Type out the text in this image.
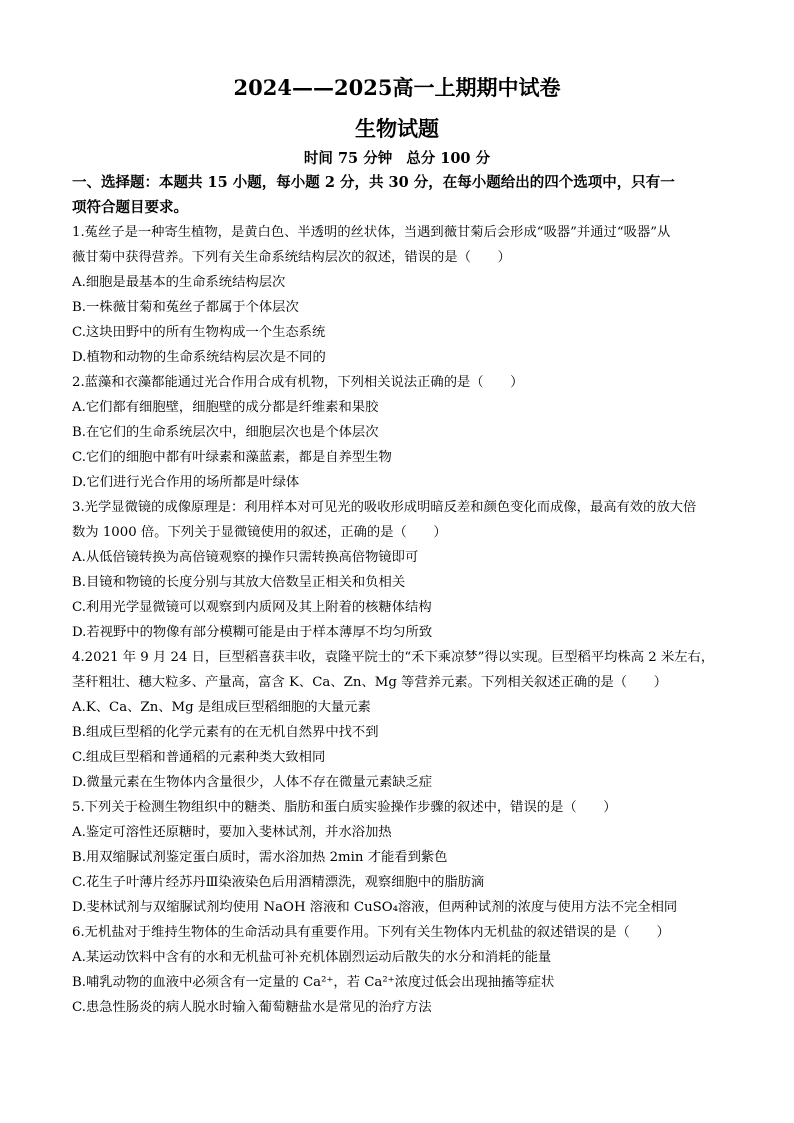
2024——2025高一上期期中试卷
生物试题
时间 75 分钟 总分 100 分
一、选择题：本题共 15 小题，每小题 2 分，共 30 分，在每小题给出的四个选项中，只有一
项符合题目要求。
1.菟丝子是一种寄生植物，是黄白色、半透明的丝状体，当遇到薇甘菊后会形成“吸器”并通过“吸器”从
薇甘菊中获得营养。下列有关生命系统结构层次的叙述，错误的是（　　）
A.细胞是最基本的生命系统结构层次
B.一株薇甘菊和菟丝子都属于个体层次
C.这块田野中的所有生物构成一个生态系统
D.植物和动物的生命系统结构层次是不同的
2.蓝藻和衣藻都能通过光合作用合成有机物，下列相关说法正确的是（　　）
A.它们都有细胞壁，细胞壁的成分都是纤维素和果胶
B.在它们的生命系统层次中，细胞层次也是个体层次
C.它们的细胞中都有叶绿素和藻蓝素，都是自养型生物
D.它们进行光合作用的场所都是叶绿体
3.光学显微镜的成像原理是：利用样本对可见光的吸收形成明暗反差和颜色变化而成像，最高有效的放大倍
数为 1000 倍。下列关于显微镜使用的叙述，正确的是（　　）
A.从低倍镜转换为高倍镜观察的操作只需转换高倍物镜即可
B.目镜和物镜的长度分别与其放大倍数呈正相关和负相关
C.利用光学显微镜可以观察到内质网及其上附着的核糖体结构
D.若视野中的物像有部分模糊可能是由于样本薄厚不均匀所致
4.2021 年 9 月 24 日，巨型稻喜获丰收，袁隆平院士的“禾下乘凉梦”得以实现。巨型稻平均株高 2 米左右，
茎秆粗壮、穗大粒多、产量高，富含 K、Ca、Zn、Mg 等营养元素。下列相关叙述正确的是（　　）
A.K、Ca、Zn、Mg 是组成巨型稻细胞的大量元素
B.组成巨型稻的化学元素有的在无机自然界中找不到
C.组成巨型稻和普通稻的元素种类大致相同
D.微量元素在生物体内含量很少，人体不存在微量元素缺乏症
5.下列关于检测生物组织中的糖类、脂肪和蛋白质实验操作步骤的叙述中，错误的是（　　）
A.鉴定可溶性还原糖时，要加入斐林试剂，并水浴加热
B.用双缩脲试剂鉴定蛋白质时，需水浴加热 2min 才能看到紫色
C.花生子叶薄片经苏丹Ⅲ染液染色后用酒精漂洗，观察细胞中的脂肪滴
D.斐林试剂与双缩脲试剂均使用 NaOH 溶液和 CuSO₄溶液，但两种试剂的浓度与使用方法不完全相同
6.无机盐对于维持生物体的生命活动具有重要作用。下列有关生物体内无机盐的叙述错误的是（　　）
A.某运动饮料中含有的水和无机盐可补充机体剧烈运动后散失的水分和消耗的能量
B.哺乳动物的血液中必须含有一定量的 Ca²⁺，若 Ca²⁺浓度过低会出现抽搐等症状
C.患急性肠炎的病人脱水时输入葡萄糖盐水是常见的治疗方法
